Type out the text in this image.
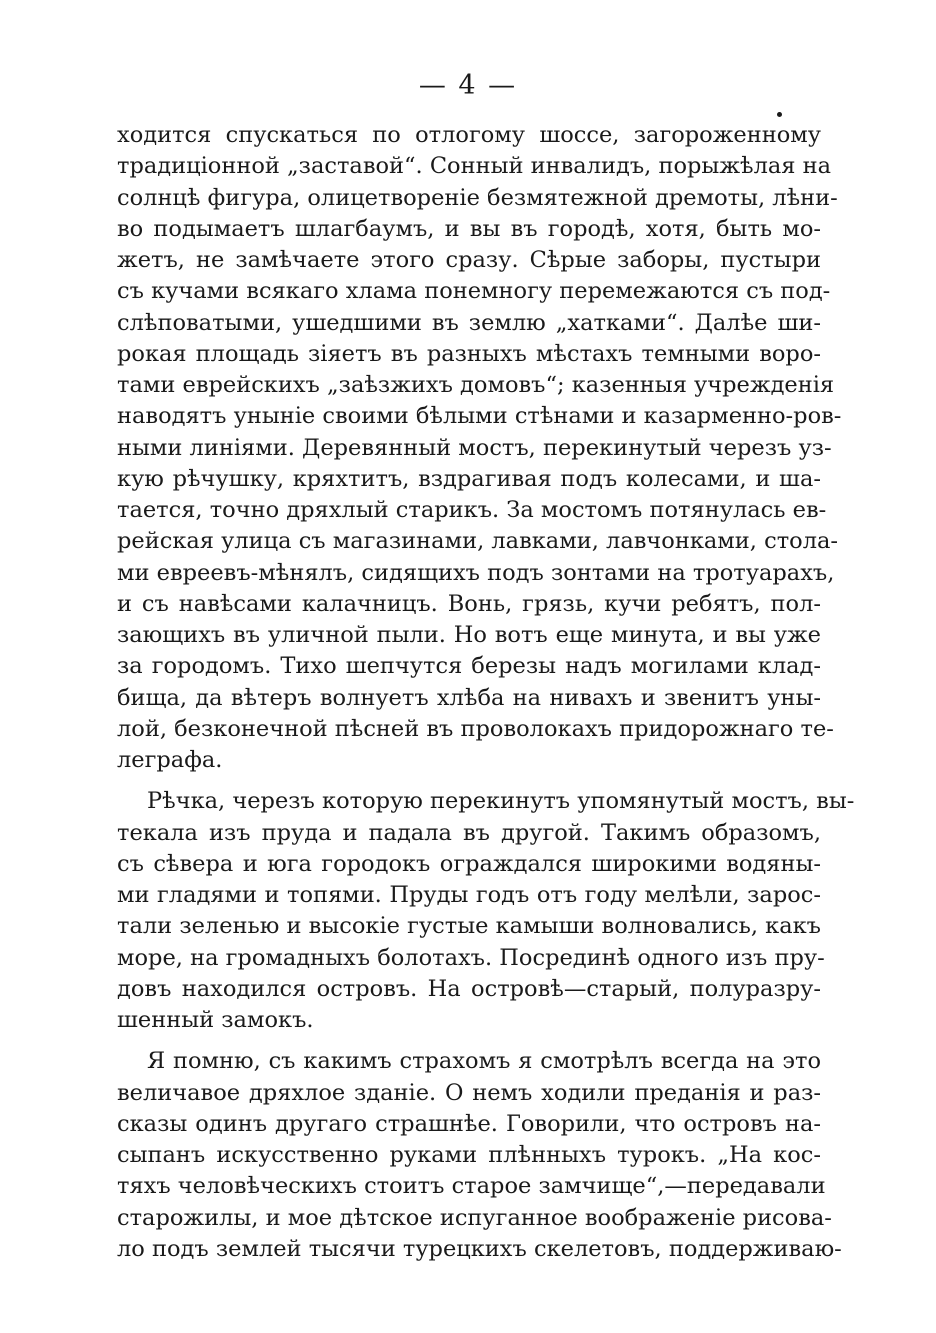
— 4 —
ходится спускаться по отлогому шоссе, загороженному
традиціонной „заставой“. Сонный инвалидъ, порыжѣлая на
солнцѣ фигура, олицетвореніе безмятежной дремоты, лѣни-
во подымаетъ шлагбаумъ, и вы въ городѣ, хотя, быть мо-
жетъ, не замѣчаете этого сразу. Сѣрые заборы, пустыри
съ кучами всякаго хлама понемногу перемежаются съ под-
слѣповатыми, ушедшими въ землю „хатками“. Далѣе ши-
рокая площадь зіяетъ въ разныхъ мѣстахъ темными воро-
тами еврейскихъ „заѣзжихъ домовъ“; казенныя учрежденія
наводятъ уныніе своими бѣлыми стѣнами и казарменно-ров-
ными линіями. Деревянный мостъ, перекинутый черезъ уз-
кую рѣчушку, кряхтитъ, вздрагивая подъ колесами, и ша-
тается, точно дряхлый старикъ. За мостомъ потянулась ев-
рейская улица съ магазинами, лавками, лавчонками, стола-
ми евреевъ-мѣнялъ, сидящихъ подъ зонтами на тротуарахъ,
и съ навѣсами калачницъ. Вонь, грязь, кучи ребятъ, пол-
зающихъ въ уличной пыли. Но вотъ еще минута, и вы уже
за городомъ. Тихо шепчутся березы надъ могилами клад-
бища, да вѣтеръ волнуетъ хлѣба на нивахъ и звенитъ уны-
лой, безконечной пѣсней въ проволокахъ придорожнаго те-
леграфа.
Рѣчка, черезъ которую перекинутъ упомянутый мостъ, вы-
текала изъ пруда и падала въ другой. Такимъ образомъ,
съ сѣвера и юга городокъ ограждался широкими водяны-
ми гладями и топями. Пруды годъ отъ году мелѣли, зарос-
тали зеленью и высокіе густые камыши волновались, какъ
море, на громадныхъ болотахъ. Посрединѣ одного изъ пру-
довъ находился островъ. На островѣ—старый, полуразру-
шенный замокъ.
Я помню, съ какимъ страхомъ я смотрѣлъ всегда на это
величавое дряхлое зданіе. О немъ ходили преданія и раз-
сказы одинъ другаго страшнѣе. Говорили, что островъ на-
сыпанъ искусственно руками плѣнныхъ турокъ. „На кос-
тяхъ человѣческихъ стоитъ старое замчище“,—передавали
старожилы, и мое дѣтское испуганное воображеніе рисова-
ло подъ землей тысячи турецкихъ скелетовъ, поддерживаю-
